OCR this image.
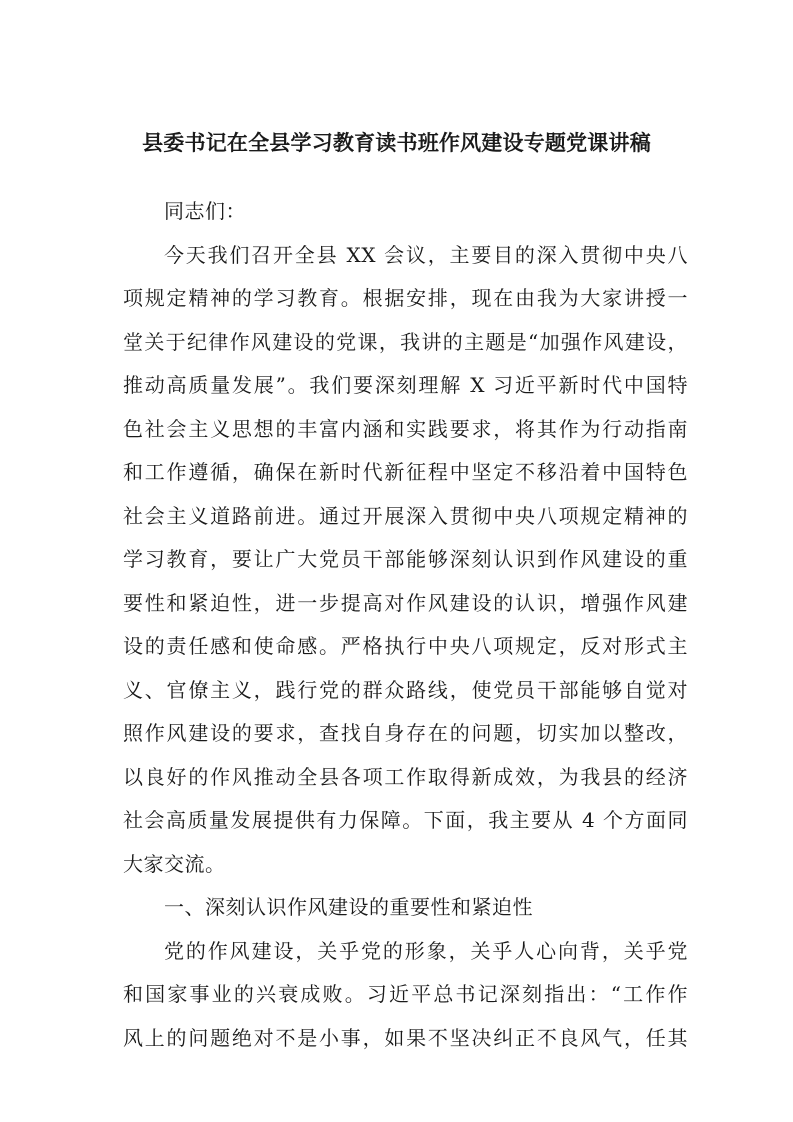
县委书记在全县学习教育读书班作风建设专题党课讲稿
同志们：
今天我们召开全县 XX 会议，主要目的深入贯彻中央八
项规定精神的学习教育。根据安排，现在由我为大家讲授一
堂关于纪律作风建设的党课，我讲的主题是“加强作风建设，
推动高质量发展”。我们要深刻理解 X 习近平新时代中国特
色社会主义思想的丰富内涵和实践要求，将其作为行动指南
和工作遵循，确保在新时代新征程中坚定不移沿着中国特色
社会主义道路前进。通过开展深入贯彻中央八项规定精神的
学习教育，要让广大党员干部能够深刻认识到作风建设的重
要性和紧迫性，进一步提高对作风建设的认识，增强作风建
设的责任感和使命感。严格执行中央八项规定，反对形式主
义、官僚主义，践行党的群众路线，使党员干部能够自觉对
照作风建设的要求，查找自身存在的问题，切实加以整改，
以良好的作风推动全县各项工作取得新成效，为我县的经济
社会高质量发展提供有力保障。下面，我主要从 4 个方面同
大家交流。
一、深刻认识作风建设的重要性和紧迫性
党的作风建设，关乎党的形象，关乎人心向背，关乎党
和国家事业的兴衰成败。习近平总书记深刻指出：“工作作
风上的问题绝对不是小事，如果不坚决纠正不良风气，任其
